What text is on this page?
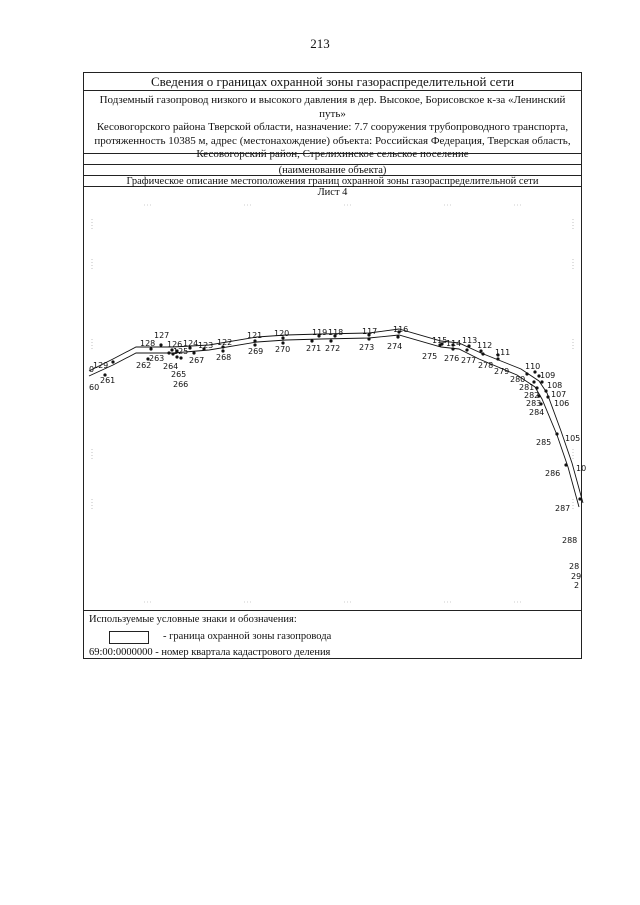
213
Сведения о границах охранной зоны газораспределительной сети
Подземный газопровод низкого и высокого давления в дер. Высокое, Борисовское к-за «Ленинский путь»
Кесовогорского района Тверской области, назначение: 7.7 сооружения трубопроводного транспорта,
протяженность 10385 м, адрес (местонахождение) объекта: Российская Федерация, Тверская область,
Кесовогорский район, Стрелихинское сельское поселение
(наименование объекта)
Графическое описание местоположения границ охранной зоны газораспределительной сети
Лист 4
129
128
127
126
125
124 123 122
121 120	119 118 117 116
115
114 113
112
111
110
109
108
107
106
105
10
0
60
261
262
263
264
265
266
267 268
269 270 271 272 273 274
275 276 277
278
279
280
281
282
283
284
285
286
287
288
28
29
2
Используемые условные знаки и обозначения:
- граница охранной зоны газопровода
69:00:0000000 - номер квартала кадастрового деления
